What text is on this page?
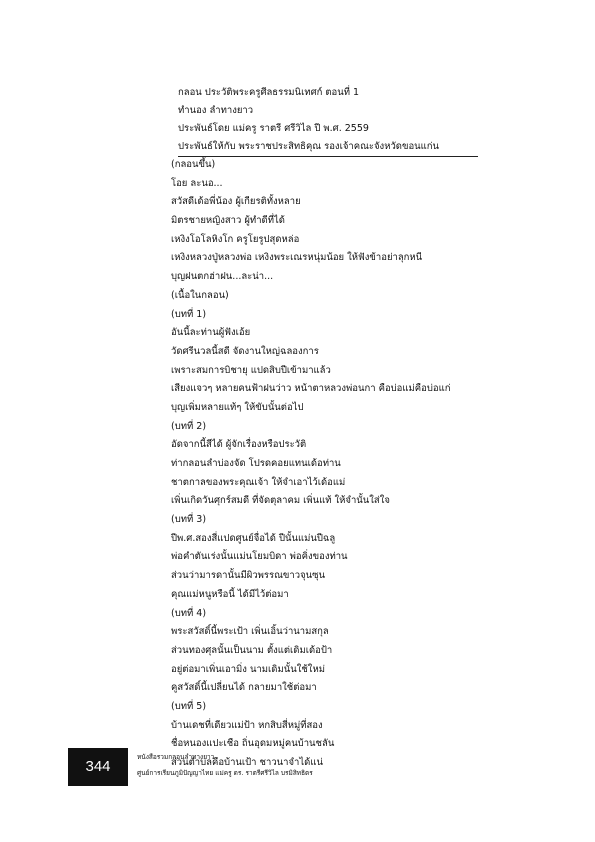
กลอน ประวัติพระครูศีลธรรมนิเทศก์ ตอนที่ 1
ทำนอง ลำทางยาว
ประพันธ์โดย แม่ครู ราตรี ศรีวิไล ปี พ.ศ. 2559
ประพันธ์ให้กับ พระราชประสิทธิคุณ รองเจ้าคณะจังหวัดขอนแก่น
(กลอนขึ้น)
โอย ละนอ...
สวัสดีเด้อพี่น้อง ผู้เกียรติทั้งหลาย
มิตรชายหญิงสาว ผู้ทำดีที่ได้
เหงิงโอโลหิงโก ครูโยรูปสุดหล่อ
เหงิงหลวงปู่หลวงพ่อ เหงิงพระเณรหนุ่มน้อย ให้ฟังข้าอย่าลุกหนี
บุญฝนตกฮ่าฝน...ละน่า...
(เนื้อในกลอน)
(บทที่ 1)
อันนี้ละท่านผู้ฟังเอ้ย
วัดศรีนวลนี้สดี จัดงานใหญ่ฉลองการ
เพราะสมการบิชายุ แปดสิบปีเข้ามาแล้ว
เสียงแจวๆ หลายคนฟ้าฝนว่าว หน้าตาหลวงพ่อนกา คือบ่อแม่คือบ่อแก่
บุญเพิ่มหลายแท้ๆ ให้ขับนั้นต่อไป
(บทที่ 2)
อัดจากนี้สีได้ ผู้จักเรื่องหรือประวัติ
ท่ากลอนลำบ่องจัด โปรดคอยแทนเด้อท่าน
ชาตกาลของพระคุณเจ้า ให้จำเอาไว้เด้อแม่
เพิ่นเกิดวันศุกร์สมดี ที่จัดตุลาคม เพิ่นแท้ ให้จำนั้นใส่ใจ
(บทที่ 3)
ปีพ.ศ.สองสี่แปดศูนย์จื่อได้ ปีนั้นแม่นปีฉลู
พ่อคำตันเร่งนั้นแม่นโยมบิดา พ่อคิ่งของท่าน
ส่วนว่ามารดานั้นมีผิวพรรณขาวจุนซุน
คุณแม่หนูหรือนี้ ได้มีไว้ต่อมา
(บทที่ 4)
พระสวัสดิ์นี้พระเป้า เพิ่นเอิ้นว่านามสกุล
ส่วนทองศุลนั้นเป็นนาม ตั้งแต่เดิมเด้อป้า
อยู่ต่อมาเพิ่นเอามิ่ง นามเดิมนั้นใช้ใหม่
คูสวัสดิ์นี้เปลี่ยนได้ กลายมาใช้ต่อมา
(บทที่ 5)
บ้านเดชที่เดียวแม่ป้า หกสิบสี่หมู่ที่สอง
ชื่อหนองแปะเชือ ถิ่นอุดมหมู่คนบ้านชลัน
ส่วนตำบลคือบ้านเป้า ชาวนาจำได้แน่
344
หนังสือรวมกลอนลำทางยาว
ศูนย์การเรียนภูมิปัญญาไทย แม่ครู ดร. ราตรีศรีวิไล บรมิสิทธิตร
